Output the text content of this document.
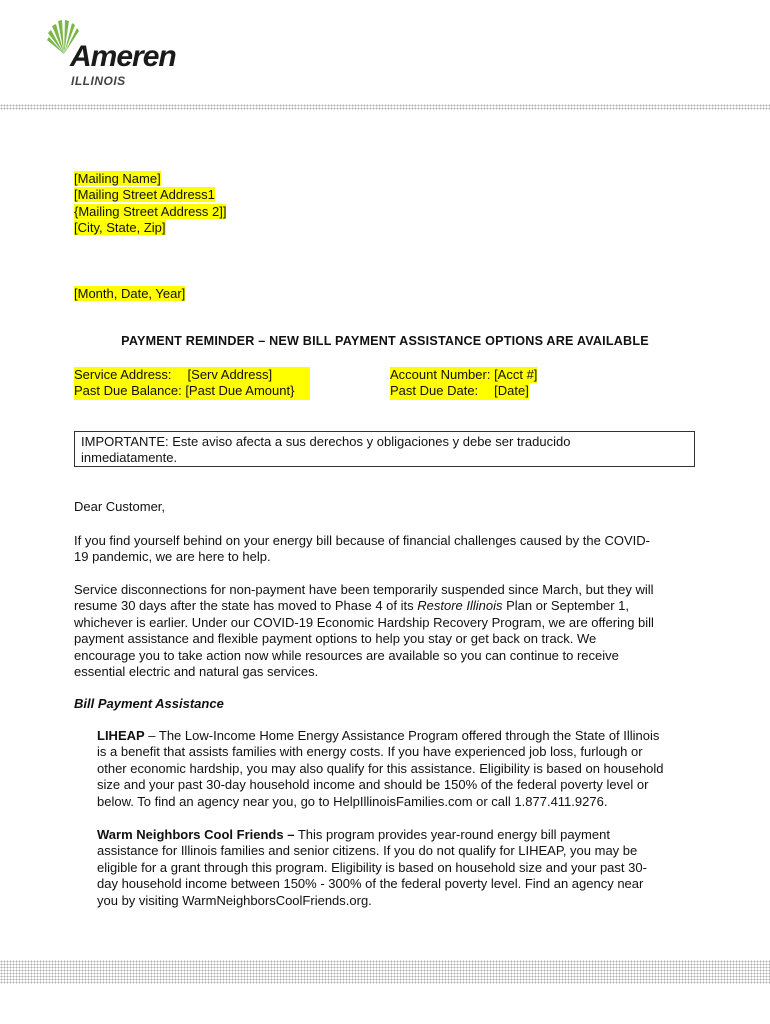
Ameren
ILLINOIS
[Mailing Name]
[Mailing Street Address1
{Mailing Street Address 2]]
[City, State, Zip]
[Month, Date, Year]
PAYMENT REMINDER – NEW BILL PAYMENT ASSISTANCE OPTIONS ARE AVAILABLE
Service Address: [Serv Address]
Past Due Balance: [Past Due Amount}
Account Number: [Acct #]
Past Due Date: [Date]
IMPORTANTE: Este aviso afecta a sus derechos y obligaciones y debe ser traducido
inmediatamente.
Dear Customer,
If you find yourself behind on your energy bill because of financial challenges caused by the COVID-
19 pandemic, we are here to help.
Service disconnections for non-payment have been temporarily suspended since March, but they will
resume 30 days after the state has moved to Phase 4 of its Restore Illinois Plan or September 1,
whichever is earlier. Under our COVID-19 Economic Hardship Recovery Program, we are offering bill
payment assistance and flexible payment options to help you stay or get back on track. We
encourage you to take action now while resources are available so you can continue to receive
essential electric and natural gas services.
Bill Payment Assistance
LIHEAP – The Low-Income Home Energy Assistance Program offered through the State of Illinois
is a benefit that assists families with energy costs. If you have experienced job loss, furlough or
other economic hardship, you may also qualify for this assistance. Eligibility is based on household
size and your past 30-day household income and should be 150% of the federal poverty level or
below. To find an agency near you, go to HelpIllinoisFamilies.com or call 1.877.411.9276.
Warm Neighbors Cool Friends – This program provides year-round energy bill payment
assistance for Illinois families and senior citizens. If you do not qualify for LIHEAP, you may be
eligible for a grant through this program. Eligibility is based on household size and your past 30-
day household income between 150% - 300% of the federal poverty level. Find an agency near
you by visiting WarmNeighborsCoolFriends.org.
